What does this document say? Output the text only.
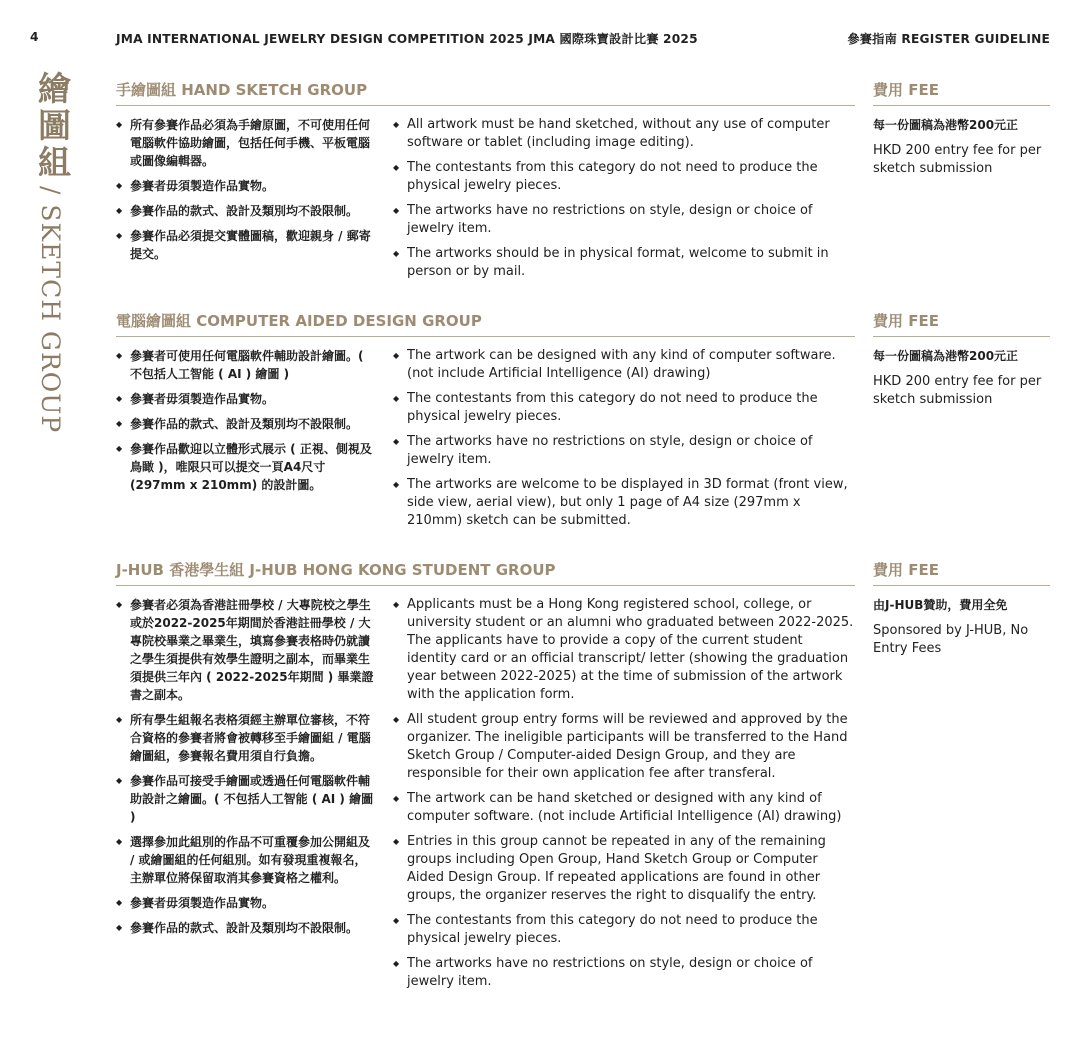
4	JMA INTERNATIONAL JEWELRY DESIGN COMPETITION 2025 JMA 國際珠寶設計比賽 2025	參賽指南 REGISTER GUIDELINE
繪圖組
/ SKETCH GROUP
手繪圖組 HAND SKETCH GROUP	費用 FEE
◆ 所有參賽作品必須為手繪原圖，不可使用任何電腦軟件協助繪圖，包括任何手機、平板電腦或圖像編輯器。
◆ 參賽者毋須製造作品實物。
◆ 參賽作品的款式、設計及類別均不設限制。
◆ 參賽作品必須提交實體圖稿，歡迎親身 / 郵寄提交。
◆ All artwork must be hand sketched, without any use of computer software or tablet (including image editing).
◆ The contestants from this category do not need to produce the physical jewelry pieces.
◆ The artworks have no restrictions on style, design or choice of jewelry item.
◆ The artworks should be in physical format, welcome to submit in person or by mail.
每一份圖稿為港幣200元正
HKD 200 entry fee for per sketch submission
電腦繪圖組 COMPUTER AIDED DESIGN GROUP	費用 FEE
◆ 參賽者可使用任何電腦軟件輔助設計繪圖。( 不包括人工智能 ( AI ) 繪圖 )
◆ 參賽者毋須製造作品實物。
◆ 參賽作品的款式、設計及類別均不設限制。
◆ 參賽作品歡迎以立體形式展示 ( 正視、側視及鳥瞰 )，唯限只可以提交一頁A4尺寸(297mm x 210mm) 的設計圖。
◆ The artwork can be designed with any kind of computer software. (not include Artificial Intelligence (AI) drawing)
◆ The contestants from this category do not need to produce the physical jewelry pieces.
◆ The artworks have no restrictions on style, design or choice of jewelry item.
◆ The artworks are welcome to be displayed in 3D format (front view, side view, aerial view), but only 1 page of A4 size (297mm x 210mm) sketch can be submitted.
每一份圖稿為港幣200元正
HKD 200 entry fee for per sketch submission
J-HUB 香港學生組 J-HUB HONG KONG STUDENT GROUP	費用 FEE
◆ 參賽者必須為香港註冊學校 / 大專院校之學生或於2022-2025年期間於香港註冊學校 / 大專院校畢業之畢業生，填寫參賽表格時仍就讀之學生須提供有效學生證明之副本，而畢業生須提供三年內 ( 2022-2025年期間 ) 畢業證書之副本。
◆ 所有學生組報名表格須經主辦單位審核，不符合資格的參賽者將會被轉移至手繪圖組 / 電腦繪圖組，參賽報名費用須自行負擔。
◆ 參賽作品可接受手繪圖或透過任何電腦軟件輔助設計之繪圖。( 不包括人工智能 ( AI ) 繪圖 )
◆ 選擇參加此組別的作品不可重覆參加公開組及 / 或繪圖組的任何組別。如有發現重複報名，主辦單位將保留取消其參賽資格之權利。
◆ 參賽者毋須製造作品實物。
◆ 參賽作品的款式、設計及類別均不設限制。
◆ Applicants must be a Hong Kong registered school, college, or university student or an alumni who graduated between 2022-2025. The applicants have to provide a copy of the current student identity card or an official transcript/ letter (showing the graduation year between 2022-2025) at the time of submission of the artwork with the application form.
◆ All student group entry forms will be reviewed and approved by the organizer. The ineligible participants will be transferred to the Hand Sketch Group / Computer-aided Design Group, and they are responsible for their own application fee after transferal.
◆ The artwork can be hand sketched or designed with any kind of computer software. (not include Artificial Intelligence (AI) drawing)
◆ Entries in this group cannot be repeated in any of the remaining groups including Open Group, Hand Sketch Group or Computer Aided Design Group. If repeated applications are found in other groups, the organizer reserves the right to disqualify the entry.
◆ The contestants from this category do not need to produce the physical jewelry pieces.
◆ The artworks have no restrictions on style, design or choice of jewelry item.
由J-HUB贊助，費用全免
Sponsored by J-HUB, No Entry Fees
